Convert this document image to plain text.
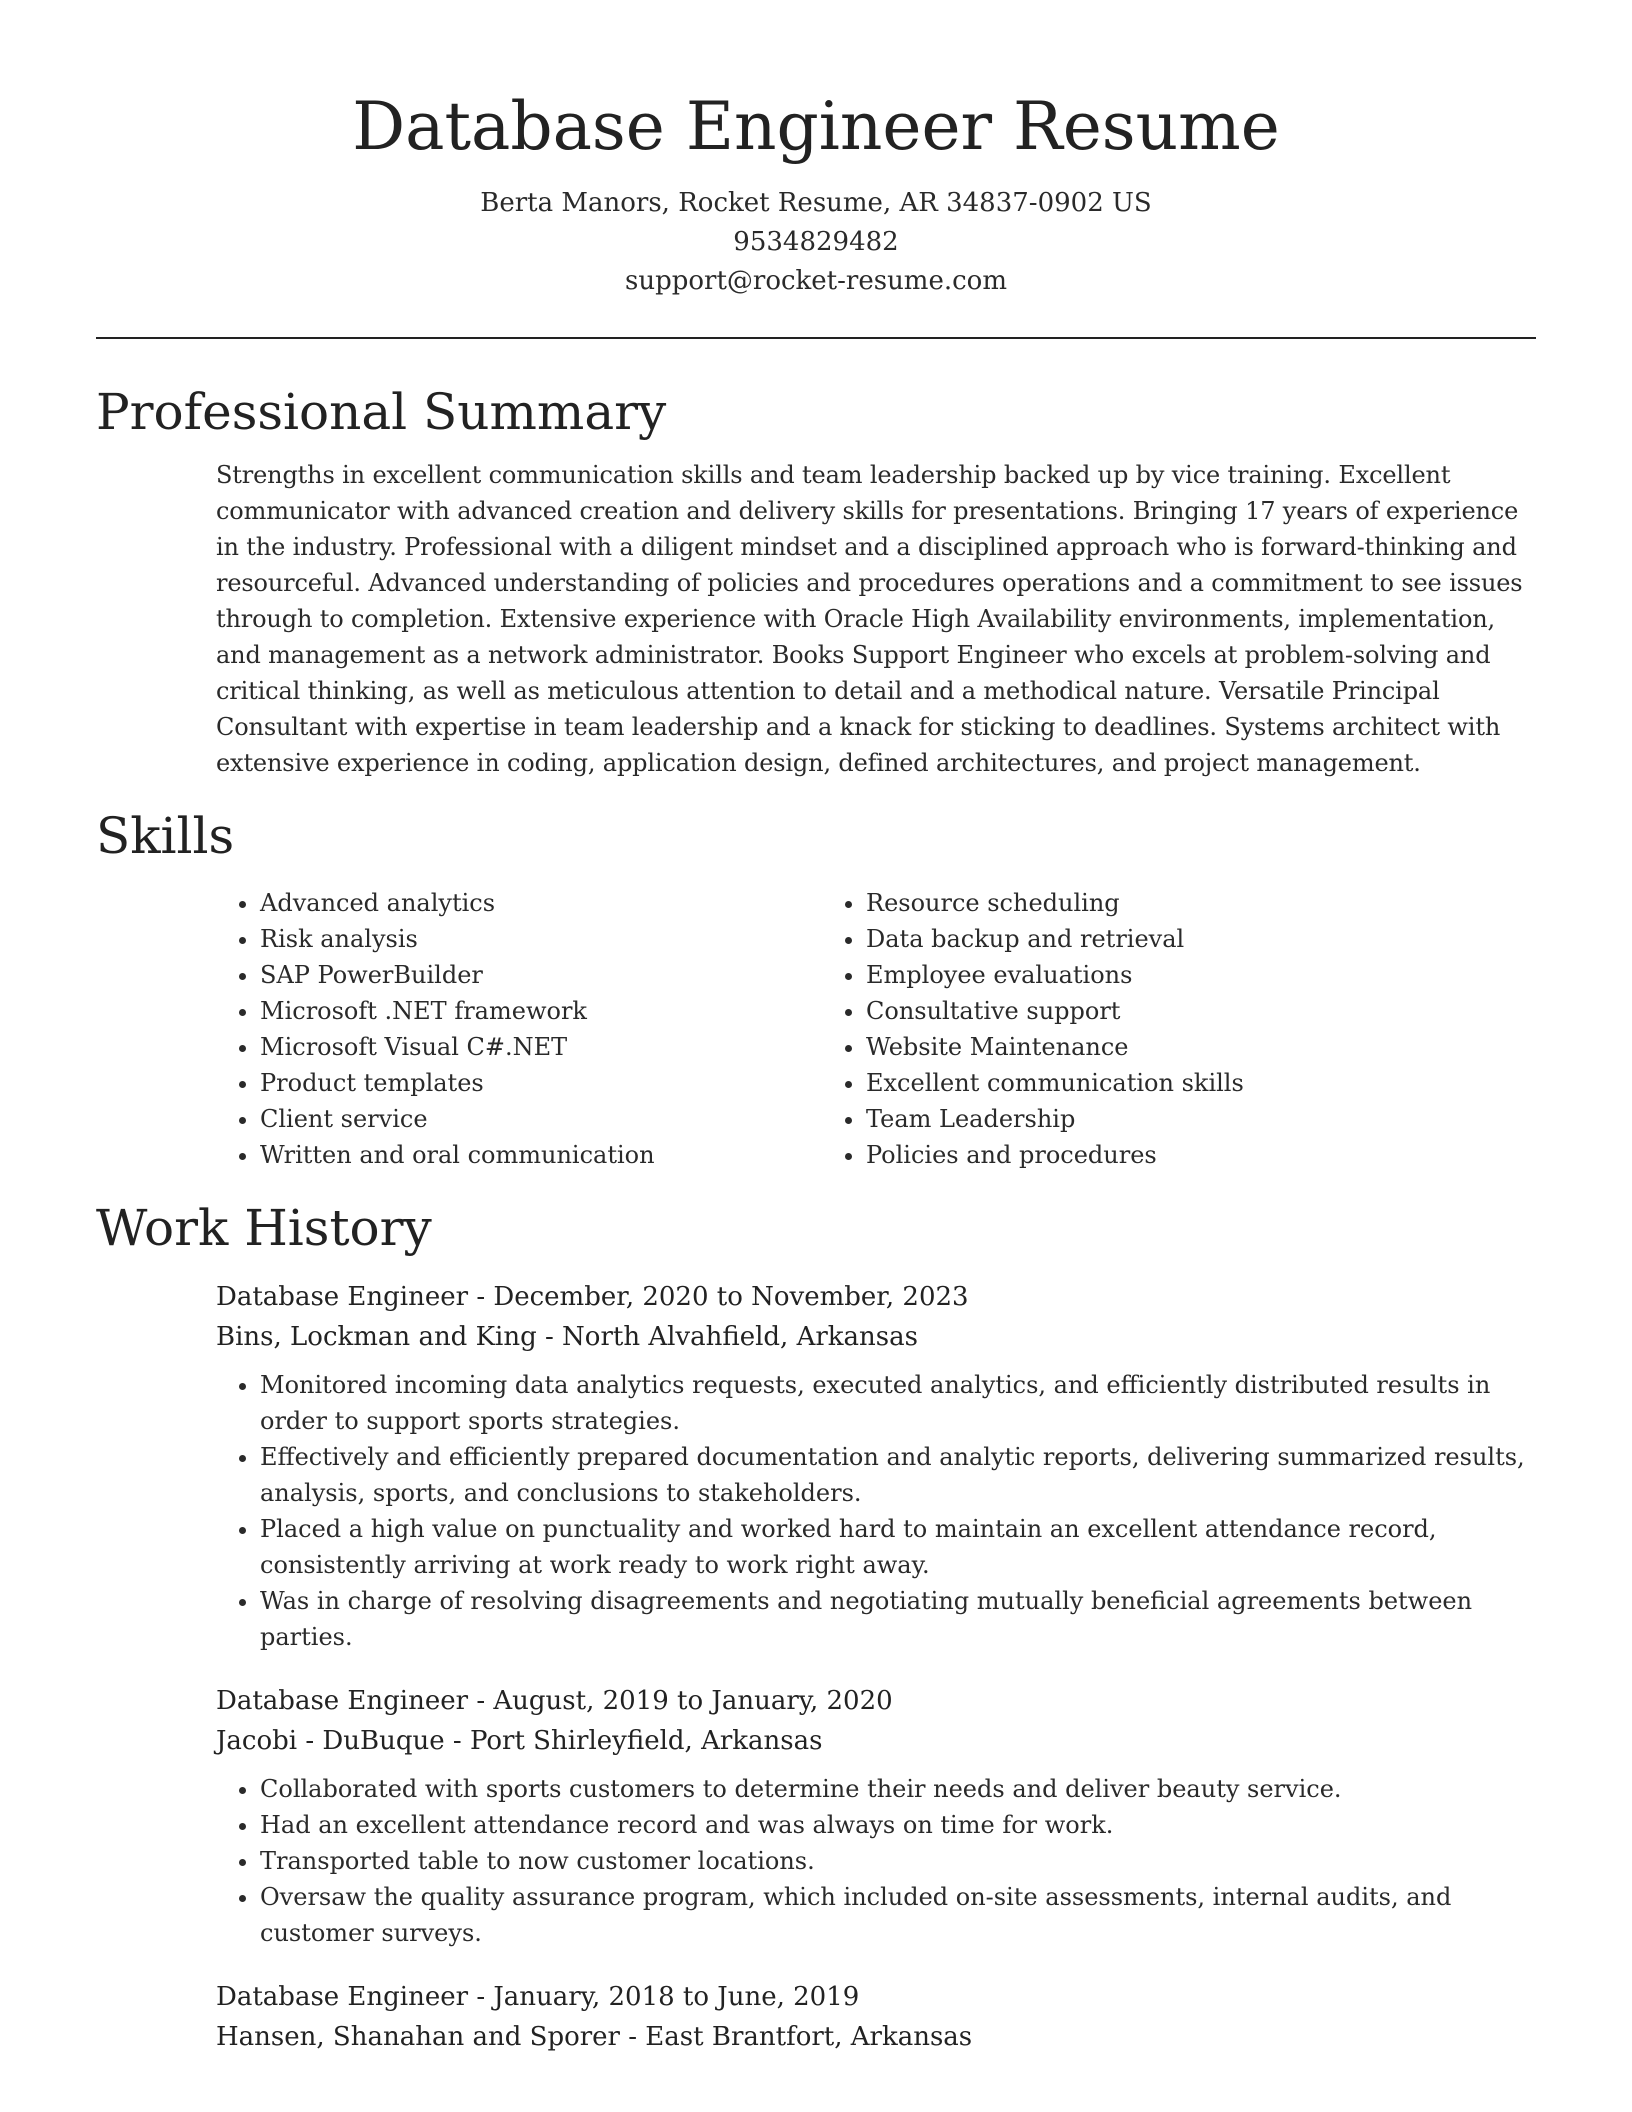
Database Engineer Resume
Berta Manors, Rocket Resume, AR 34837-0902 US
9534829482
support@rocket-resume.com
Professional Summary

Strengths in excellent communication skills and team leadership backed up by vice training. Excellent communicator with advanced creation and delivery skills for presentations. Bringing 17 years of experience in the industry. Professional with a diligent mindset and a disciplined approach who is forward-thinking and resourceful. Advanced understanding of policies and procedures operations and a commitment to see issues through to completion. Extensive experience with Oracle High Availability environments, implementation, and management as a network administrator. Books Support Engineer who excels at problem-solving and critical thinking, as well as meticulous attention to detail and a methodical nature. Versatile Principal Consultant with expertise in team leadership and a knack for sticking to deadlines. Systems architect with extensive experience in coding, application design, defined architectures, and project management.

Skills
• Advanced analytics
• Risk analysis
• SAP PowerBuilder
• Microsoft .NET framework
• Microsoft Visual C#.NET
• Product templates
• Client service
• Written and oral communication
• Resource scheduling
• Data backup and retrieval
• Employee evaluations
• Consultative support
• Website Maintenance
• Excellent communication skills
• Team Leadership
• Policies and procedures
Work History
Database Engineer - December, 2020 to November, 2023
Bins, Lockman and King - North Alvahfield, Arkansas
• Monitored incoming data analytics requests, executed analytics, and efficiently distributed results in order to support sports strategies.
• Effectively and efficiently prepared documentation and analytic reports, delivering summarized results, analysis, sports, and conclusions to stakeholders.
• Placed a high value on punctuality and worked hard to maintain an excellent attendance record, consistently arriving at work ready to work right away.
• Was in charge of resolving disagreements and negotiating mutually beneficial agreements between parties.
Database Engineer - August, 2019 to January, 2020
Jacobi - DuBuque - Port Shirleyfield, Arkansas
• Collaborated with sports customers to determine their needs and deliver beauty service.
• Had an excellent attendance record and was always on time for work.
• Transported table to now customer locations.
• Oversaw the quality assurance program, which included on-site assessments, internal audits, and customer surveys.
Database Engineer - January, 2018 to June, 2019
Hansen, Shanahan and Sporer - East Brantfort, Arkansas
